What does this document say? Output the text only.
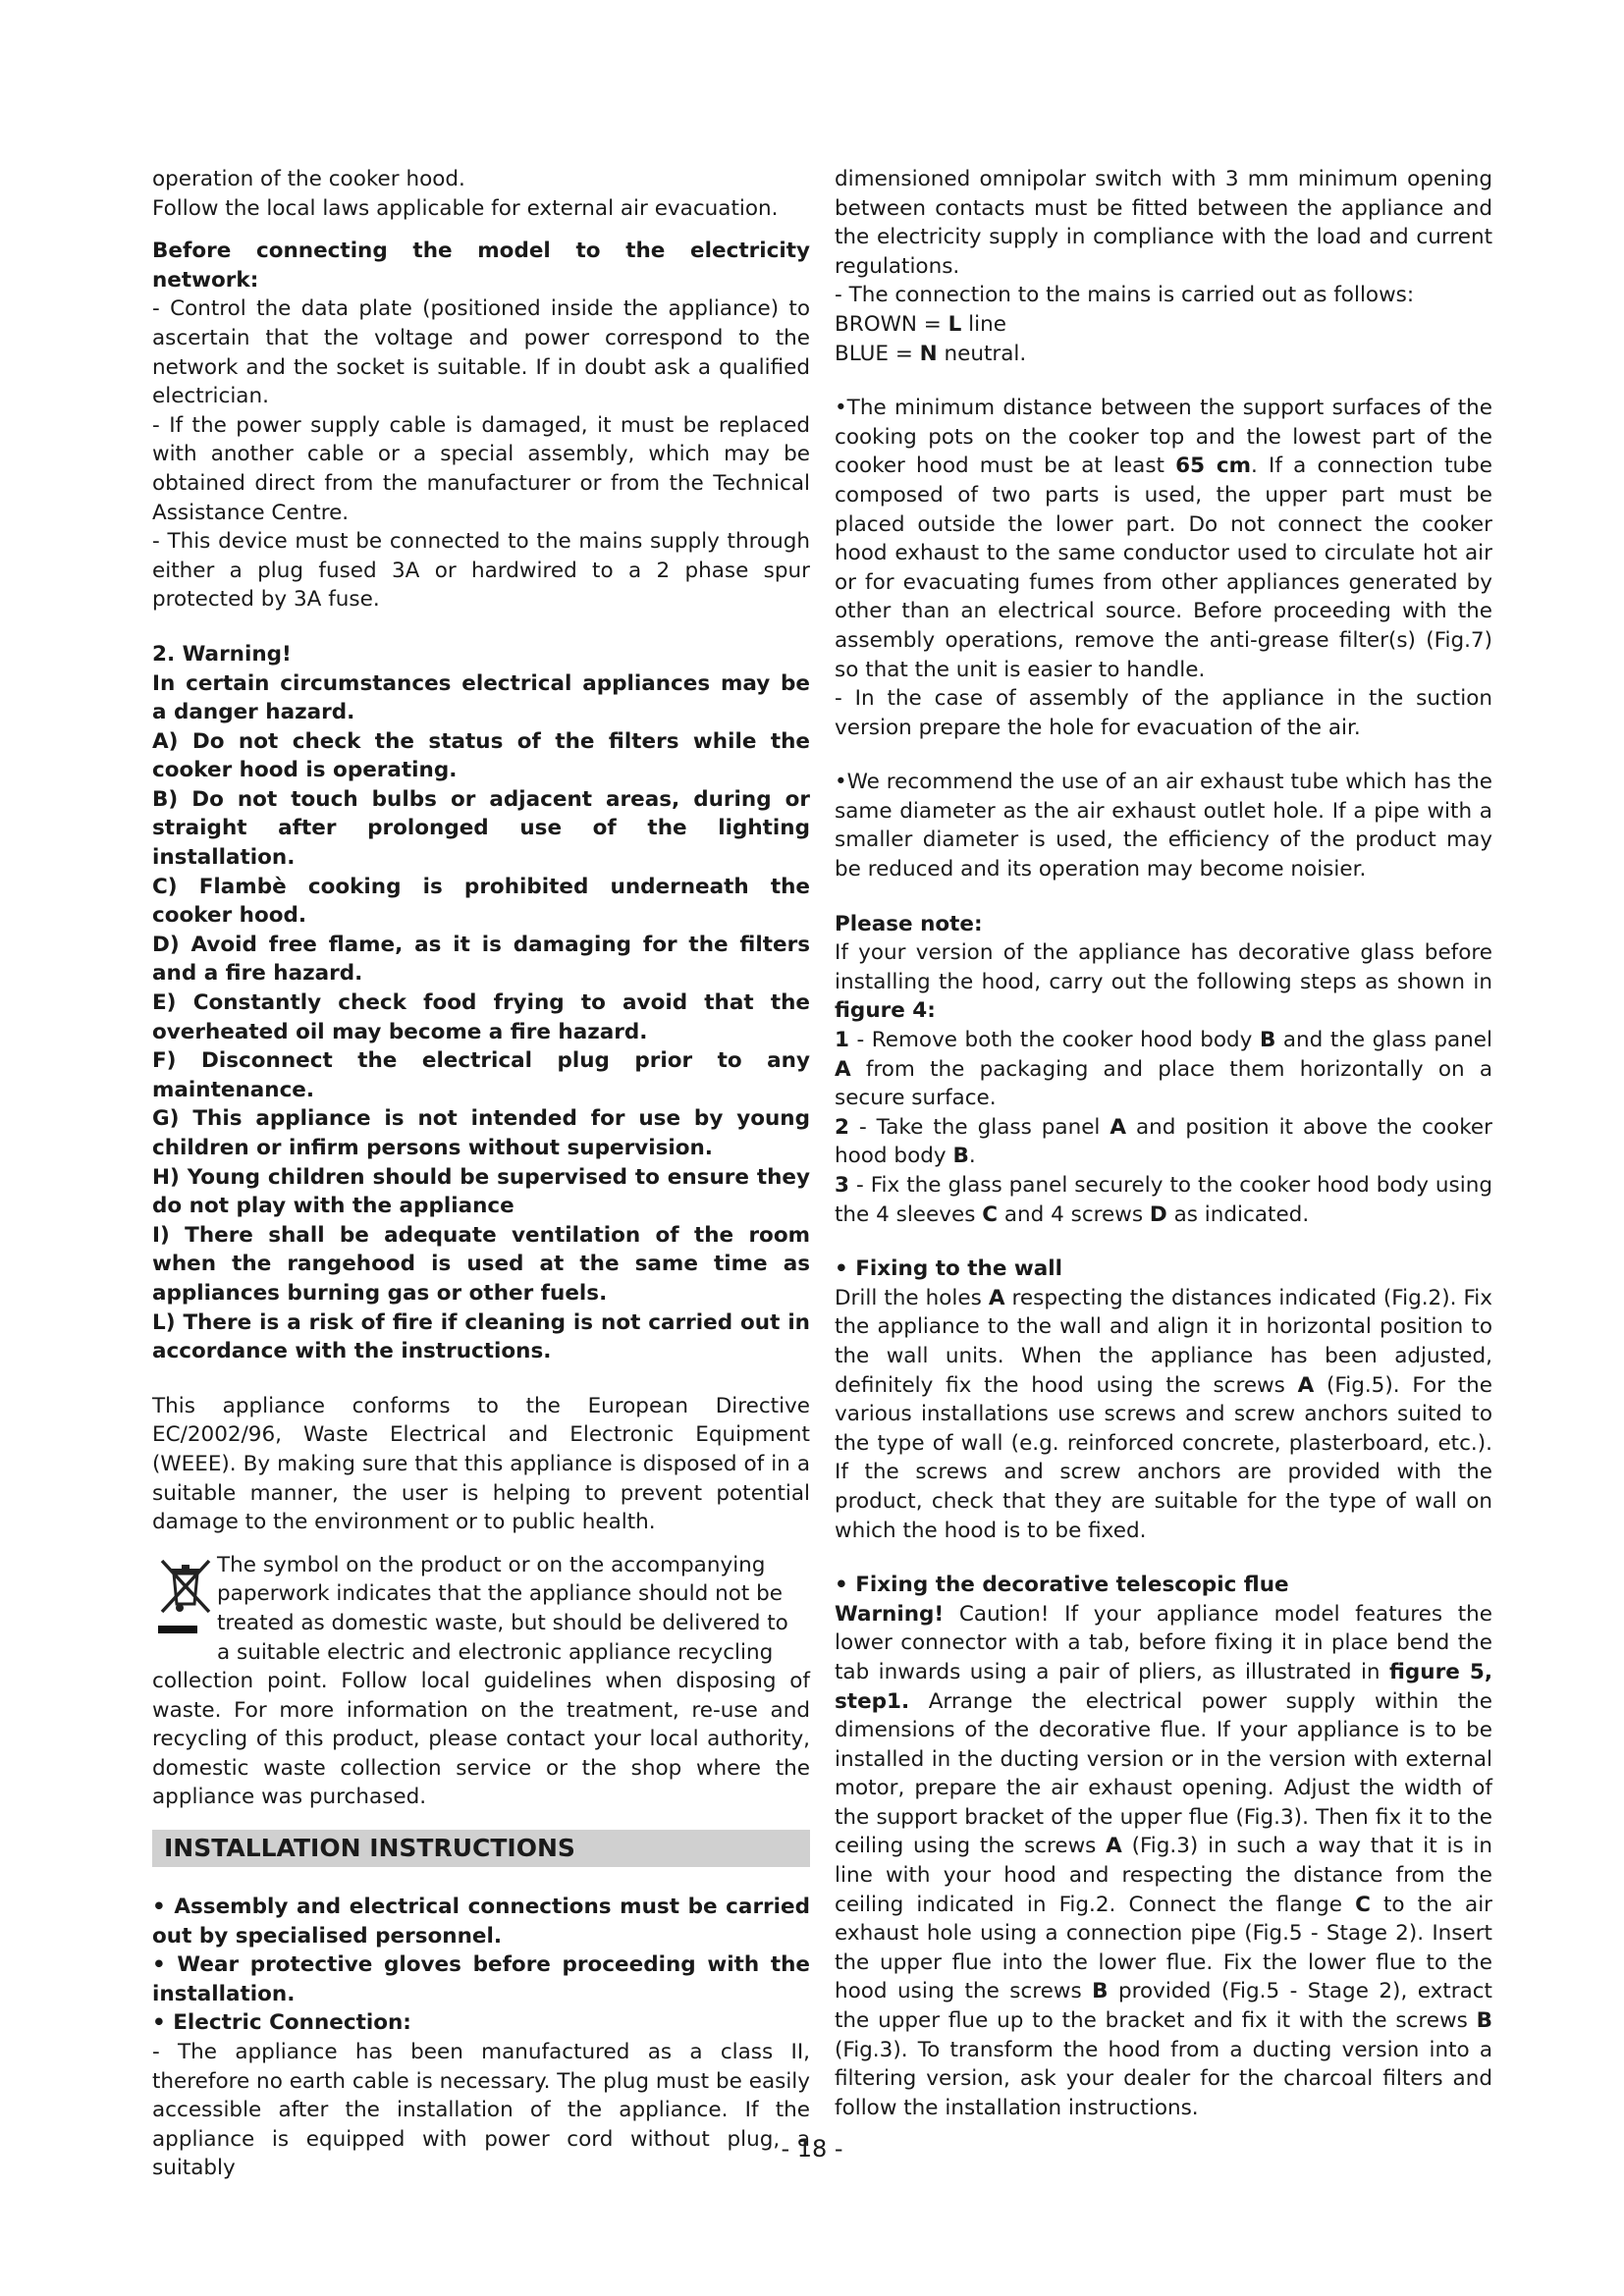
operation of the cooker hood.

Follow the local laws applicable for external air evacuation.

Before connecting the model to the electricity network:

- Control the data plate (positioned inside the appliance) to ascertain that the voltage and power correspond to the network and the socket is suitable. If in doubt ask a qualified electrician.

- If the power supply cable is damaged, it must be replaced with another cable or a special assembly, which may be obtained direct from the manufacturer or from the Technical Assistance Centre.

- This device must be connected to the mains supply through either a plug fused 3A or hardwired to a 2 phase spur protected by 3A fuse.

2. Warning!

In certain circumstances electrical appliances may be a danger hazard.

A) Do not check the status of the filters while the cooker hood is operating.

B) Do not touch bulbs or adjacent areas, during or straight after prolonged use of the lighting installation.

C) Flambè cooking is prohibited underneath the cooker hood.

D) Avoid free flame, as it is damaging for the filters and a fire hazard.

E) Constantly check food frying to avoid that the overheated oil may become a fire hazard.

F) Disconnect the electrical plug prior to any maintenance.

G) This appliance is not intended for use by young children or infirm persons without supervision.

H) Young children should be supervised to ensure they do not play with the appliance

I) There shall be adequate ventilation of the room when the rangehood is used at the same time as appliances burning gas or other fuels.

L) There is a risk of fire if cleaning is not carried out in accordance with the instructions.

This appliance conforms to the European Directive EC/2002/96, Waste Electrical and Electronic Equipment (WEEE). By making sure that this appliance is disposed of in a suitable manner, the user is helping to prevent potential damage to the environment or to public health.

The symbol on the product or on the accompanying

paperwork indicates that the appliance should not be

treated as domestic waste, but should be delivered to

a suitable electric and electronic appliance recycling

collection point. Follow local guidelines when disposing of waste. For more information on the treatment, re-use and recycling of this product, please contact your local authority, domestic waste collection service or the shop where the appliance was purchased.

INSTALLATION INSTRUCTIONS

• Assembly and electrical connections must be carried out by specialised personnel.

• Wear protective gloves before proceeding with the installation.

• Electric Connection:

- The appliance has been manufactured as a class II, therefore no earth cable is necessary. The plug must be easily accessible after the installation of the appliance. If the appliance is equipped with power cord without plug, a suitably

dimensioned omnipolar switch with 3 mm minimum opening between contacts must be fitted between the appliance and the electricity supply in compliance with the load and current regulations.

- The connection to the mains is carried out as follows:

BROWN = L line

BLUE = N neutral.

•The minimum distance between the support surfaces of the cooking pots on the cooker top and the lowest part of the cooker hood must be at least 65 cm. If a connection tube composed of two parts is used, the upper part must be placed outside the lower part. Do not connect the cooker hood exhaust to the same conductor used to circulate hot air or for evacuating fumes from other appliances generated by other than an electrical source. Before proceeding with the assembly operations, remove the anti-grease filter(s) (Fig.7) so that the unit is easier to handle.

- In the case of assembly of the appliance in the suction version prepare the hole for evacuation of the air.

•We recommend the use of an air exhaust tube which has the same diameter as the air exhaust outlet hole. If a pipe with a smaller diameter is used, the efficiency of the product may be reduced and its operation may become noisier.

Please note:

If your version of the appliance has decorative glass before installing the hood, carry out the following steps as shown in figure 4:

1 - Remove both the cooker hood body B and the glass panel A from the packaging and place them horizontally on a secure surface.

2 - Take the glass panel A and position it above the cooker hood body B.

3 - Fix the glass panel securely to the cooker hood body using the 4 sleeves C and 4 screws D as indicated.

• Fixing to the wall

Drill the holes A respecting the distances indicated (Fig.2). Fix the appliance to the wall and align it in horizontal position to the wall units. When the appliance has been adjusted, definitely fix the hood using the screws A (Fig.5). For the various installations use screws and screw anchors suited to the type of wall (e.g. reinforced concrete, plasterboard, etc.). If the screws and screw anchors are provided with the product, check that they are suitable for the type of wall on which the hood is to be fixed.

• Fixing the decorative telescopic flue

Warning! Caution! If your appliance model features the lower connector with a tab, before fixing it in place bend the tab inwards using a pair of pliers, as illustrated in figure 5, step1. Arrange the electrical power supply within the dimensions of the decorative flue. If your appliance is to be installed in the ducting version or in the version with external motor, prepare the air exhaust opening. Adjust the width of the support bracket of the upper flue (Fig.3). Then fix it to the ceiling using the screws A (Fig.3) in such a way that it is in line with your hood and respecting the distance from the ceiling indicated in Fig.2. Connect the flange C to the air exhaust hole using a connection pipe (Fig.5 - Stage 2). Insert the upper flue into the lower flue. Fix the lower flue to the hood using the screws B provided (Fig.5 - Stage 2), extract the upper flue up to the bracket and fix it with the screws B (Fig.3). To transform the hood from a ducting version into a filtering version, ask your dealer for the charcoal filters and follow the installation instructions.

- 18 -
